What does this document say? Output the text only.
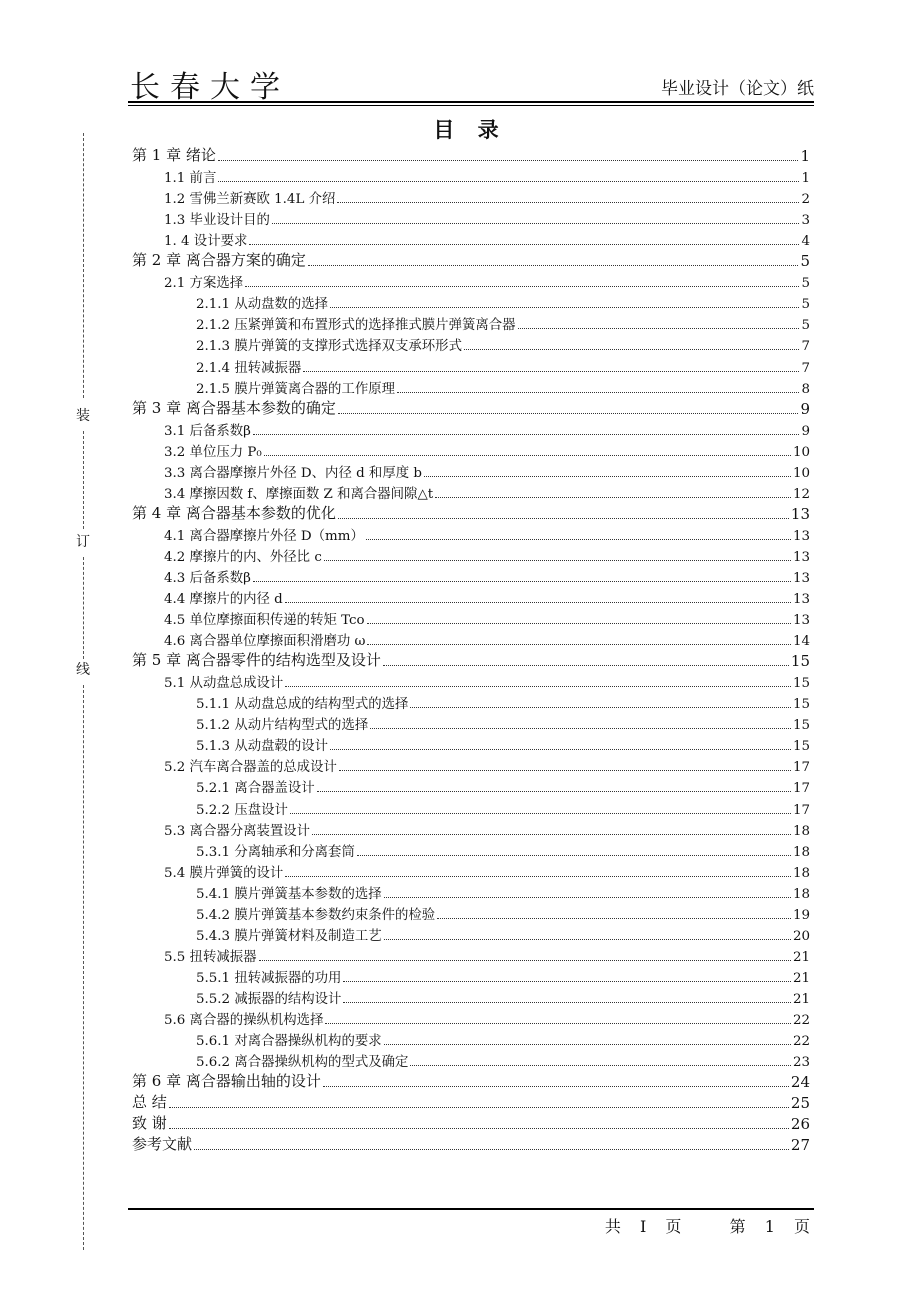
长春大学	毕业设计（论文）纸
目 录
装
订
线
第 1 章 绪论	1
1.1 前言	1
1.2 雪佛兰新赛欧 1.4L 介绍	2
1.3 毕业设计目的	3
1. 4 设计要求	4
第 2 章 离合器方案的确定	5
2.1 方案选择	5
2.1.1 从动盘数的选择	5
2.1.2 压紧弹簧和布置形式的选择推式膜片弹簧离合器	5
2.1.3 膜片弹簧的支撑形式选择双支承环形式	7
2.1.4 扭转减振器	7
2.1.5 膜片弹簧离合器的工作原理	8
第 3 章 离合器基本参数的确定	9
3.1 后备系数β	9
3.2 单位压力 P₀	10
3.3 离合器摩擦片外径 D、内径 d 和厚度 b	10
3.4 摩擦因数 f、摩擦面数 Z 和离合器间隙△t	12
第 4 章 离合器基本参数的优化	13
4.1 离合器摩擦片外径 D（mm）	13
4.2 摩擦片的内、外径比 c	13
4.3 后备系数β	13
4.4 摩擦片的内径 d	13
4.5 单位摩擦面积传递的转矩 Tco	13
4.6 离合器单位摩擦面积滑磨功 ω	14
第 5 章 离合器零件的结构选型及设计	15
5.1 从动盘总成设计	15
5.1.1 从动盘总成的结构型式的选择	15
5.1.2 从动片结构型式的选择	15
5.1.3 从动盘毂的设计	15
5.2 汽车离合器盖的总成设计	17
5.2.1 离合器盖设计	17
5.2.2 压盘设计	17
5.3 离合器分离装置设计	18
5.3.1 分离轴承和分离套筒	18
5.4 膜片弹簧的设计	18
5.4.1 膜片弹簧基本参数的选择	18
5.4.2 膜片弹簧基本参数约束条件的检验	19
5.4.3 膜片弹簧材料及制造工艺	20
5.5 扭转减振器	21
5.5.1 扭转减振器的功用	21
5.5.2 减振器的结构设计	21
5.6 离合器的操纵机构选择	22
5.6.1 对离合器操纵机构的要求	22
5.6.2 离合器操纵机构的型式及确定	23
第 6 章 离合器输出轴的设计	24
总 结	25
致 谢	26
参考文献	27
共 I 页	第 1 页
